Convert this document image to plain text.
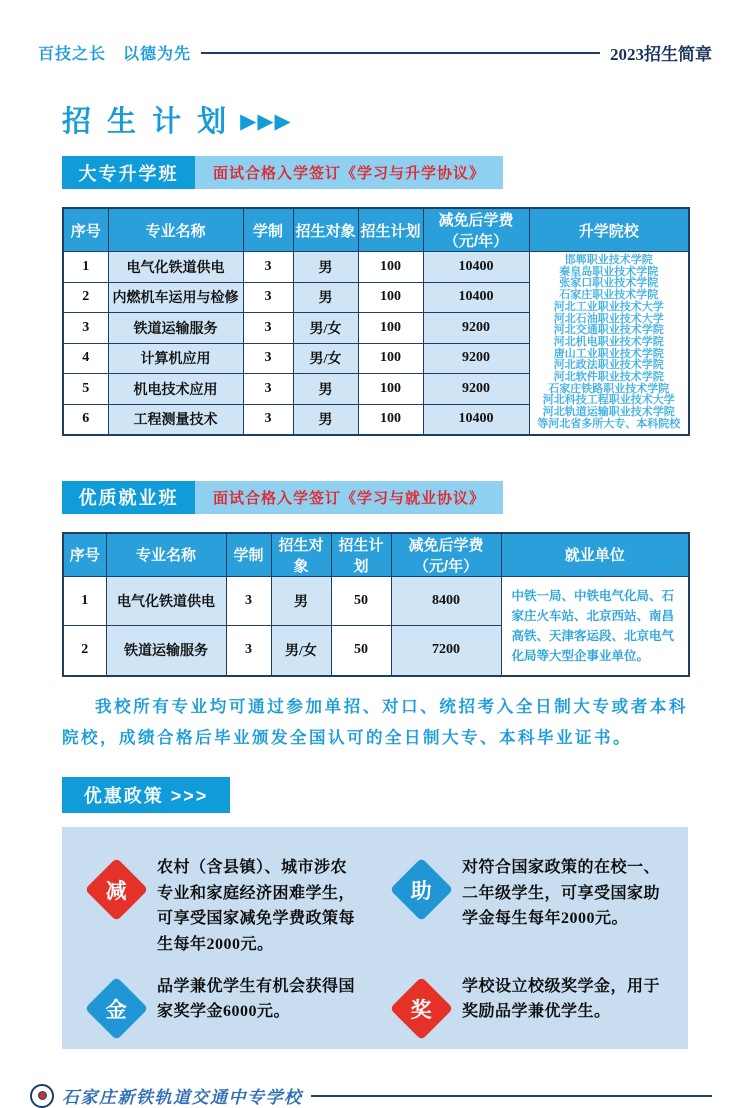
百技之长　以德为先	2023招生简章
招 生 计 划 ▶▶▶
大专升学班	面试合格入学签订《学习与升学协议》
序号	专业名称	学制	招生对象	招生计划	减免后学费（元/年）	升学院校
1	电气化铁道供电	3	男	100	10400	邯郸职业技术学院
秦皇岛职业技术学院
张家口职业技术学院
石家庄职业技术学院
河北工业职业技术大学
河北石油职业技术大学
河北交通职业技术学院
河北机电职业技术学院
唐山工业职业技术学院
河北政法职业技术学院
河北软件职业技术学院
石家庄铁路职业技术学院
河北科技工程职业技术大学
河北轨道运输职业技术学院
等河北省多所大专、本科院校

2	内燃机车运用与检修	3	男	100	10400	
3	铁道运输服务	3	男/女	100	9200	
4	计算机应用	3	男/女	100	9200	
5	机电技术应用	3	男	100	9200	
6	工程测量技术	3	男	100	10400	
优质就业班	面试合格入学签订《学习与就业协议》
序号	专业名称	学制	招生对象	招生计划	减免后学费（元/年）	就业单位
1	电气化铁道供电	3	男	50	8400	中铁一局、中铁电气化局、石家庄火车站、北京西站、南昌高铁、天津客运段、北京电气化局等大型企事业单位。
2	铁道运输服务	3	男/女	50	7200	

我校所有专业均可通过参加单招、对口、统招考入全日制大专或者本科院校，成绩合格后毕业颁发全国认可的全日制大专、本科毕业证书。

优惠政策 >>>
减
农村（含县镇）、城市涉农专业和家庭经济困难学生，可享受国家减免学费政策每生每年2000元。
助
对符合国家政策的在校一、二年级学生，可享受国家助学金每生每年2000元。
金
品学兼优学生有机会获得国家奖学金6000元。	奖
学校设立校级奖学金，用于奖励品学兼优学生。
石家庄新铁轨道交通中专学校
